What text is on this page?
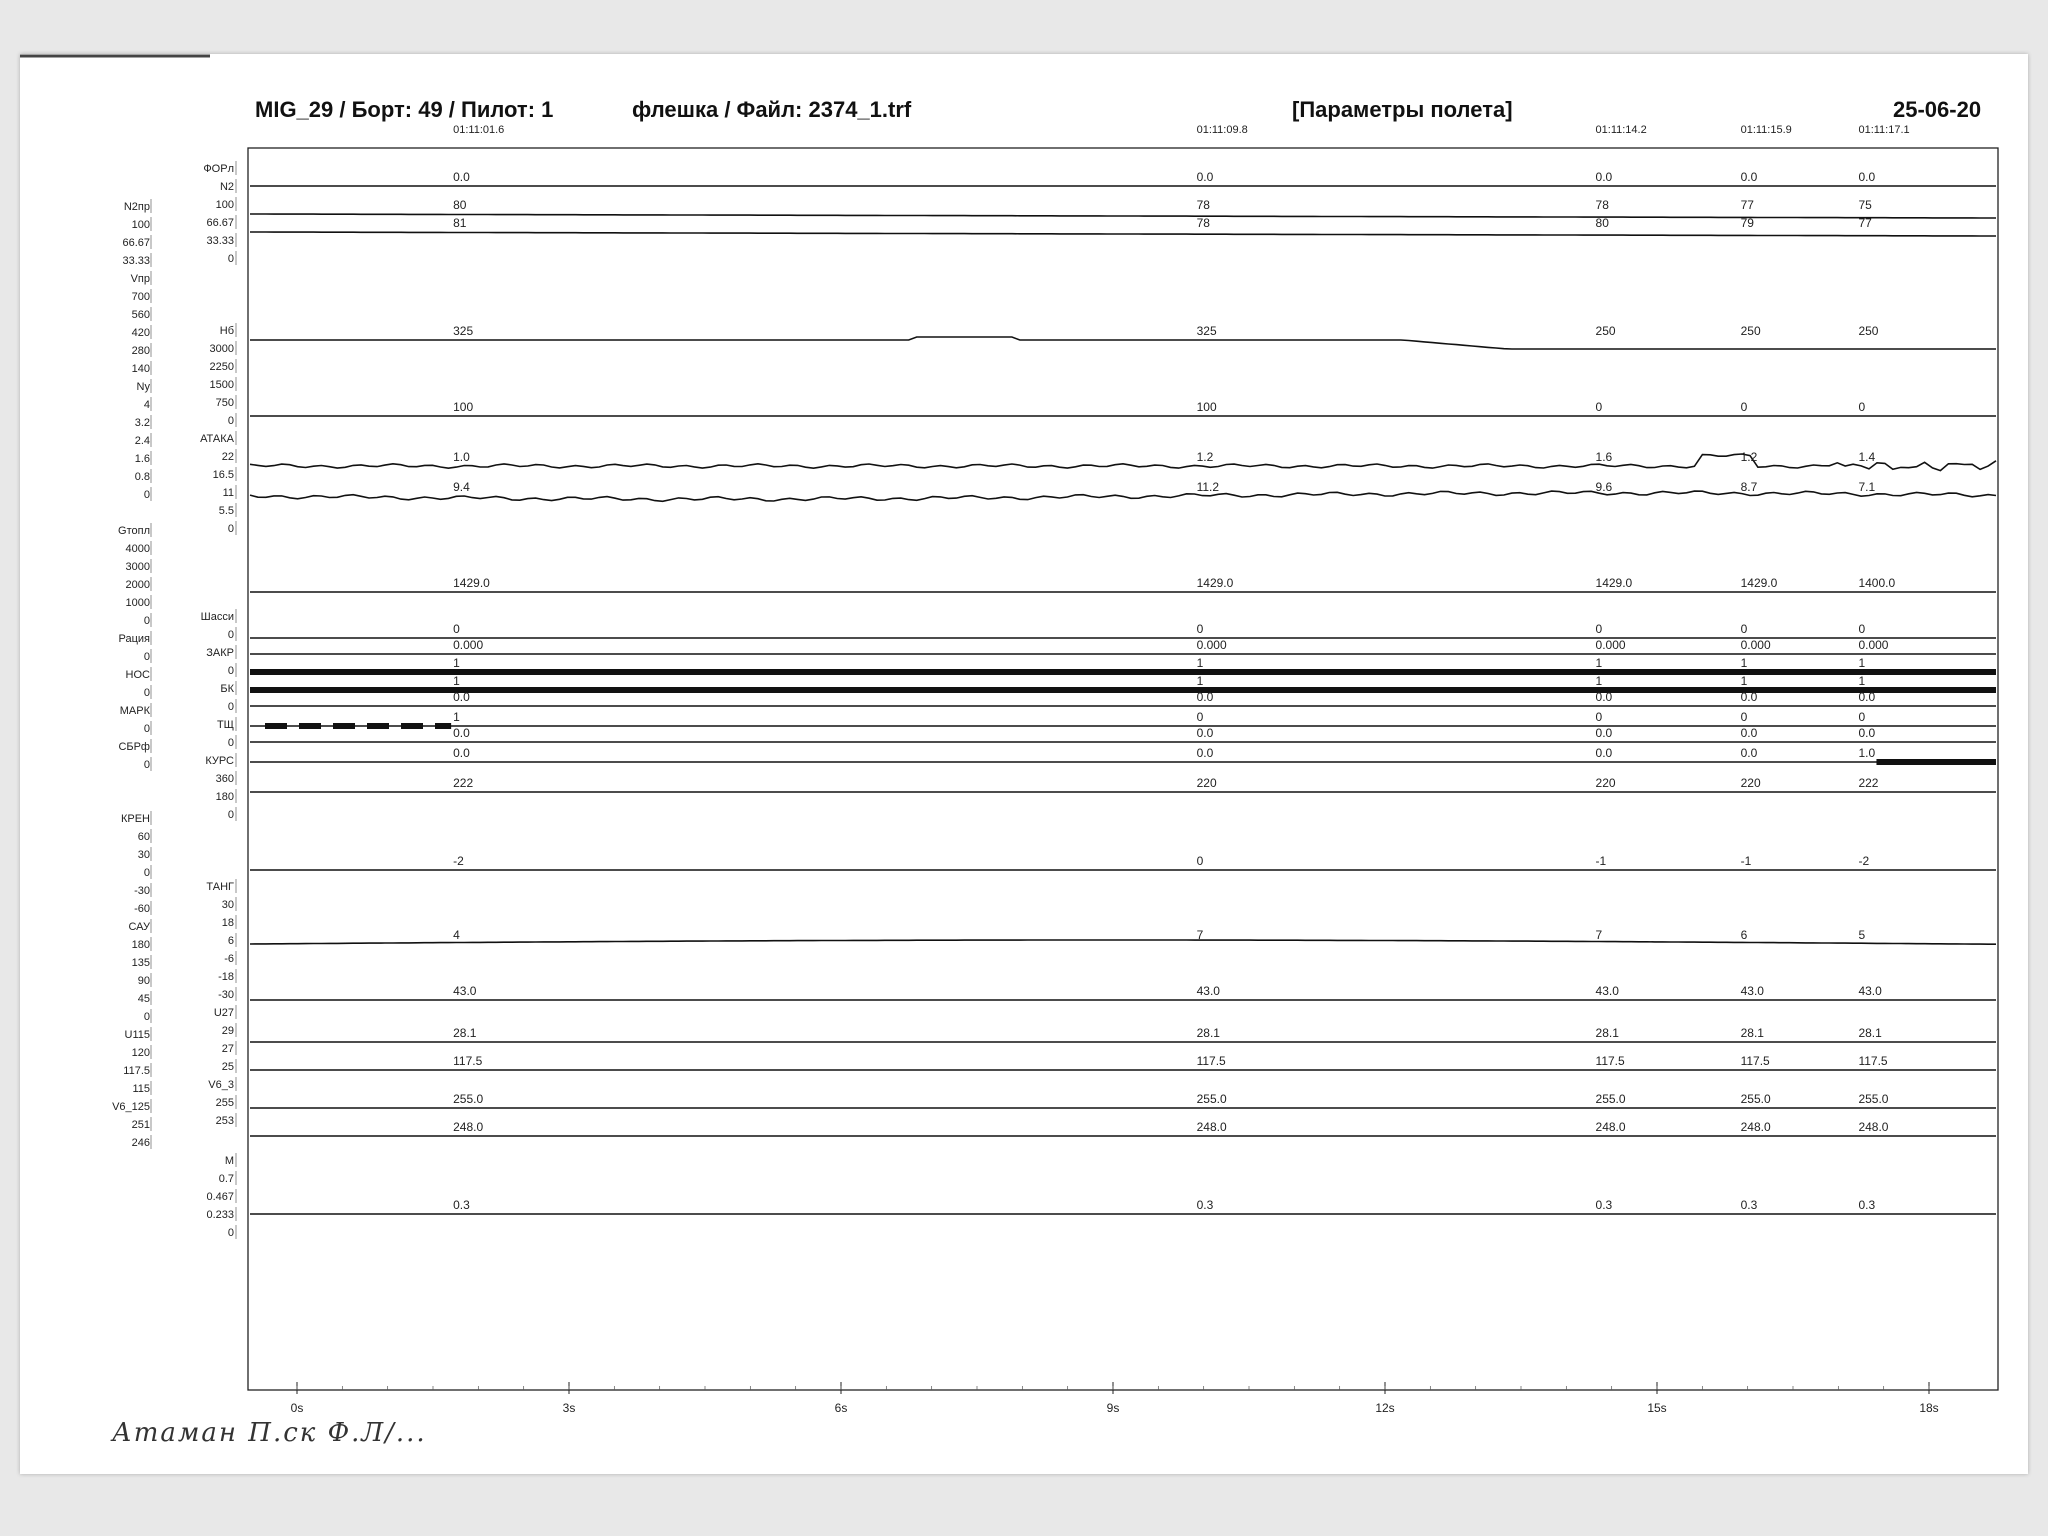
N2пр
100
66.67
33.33
Vпр
700
560
420
280
140
Ny
4
3.2
2.4
1.6
0.8
0
Gтопл
4000
3000
2000
1000
0
Рация
0
НОС
0
МАРК
0
СБРф
0
КРЕН
60
30
0
-30
-60
САУ
180
135
90
45
0
U115
120
117.5
115
V6_125
251
246
ФОРл
N2
100
66.67
33.33
0
Нб
3000
2250
1500
750
0
АТАКА
22
16.5
11
5.5
0
Шасси
0
ЗАКР
0
БК
0
ТЩ
0
КУРС
360
180
0
ТАНГ
30
18
6
-6
-18
-30
U27
29
27
25
V6_3
255
253
М
0.7
0.467
0.233
0
01:11:01.6	01:11:09.8	01:11:14.2	01:11:15.9	01:11:17.1
0.0	0.0	0.0	0.0	0.0
80	78	78	77	75
81	78	80	79	77
325	325	250	250	250
100	100	0	0	0
1.0	1.2	1.6	1.2	1.4
9.4	11.2	9.6	8.7	7.1
1429.0	1429.0	1429.0	1429.0	1400.0
0	0	0	0	0
0.000	0.000	0.000	0.000	0.000
1	1	1	1	1
1	1	1	1	1
0.0	0.0	0.0	0.0	0.0
1	0	0	0	0
0.0	0.0	0.0	0.0	0.0
0.0	0.0	0.0	0.0	1.0
222	220	220	220	222
-2	0	-1	-1	-2
4	7	7	6	5
43.0	43.0	43.0	43.0	43.0
28.1	28.1	28.1	28.1	28.1
117.5	117.5	117.5	117.5	117.5
255.0	255.0	255.0	255.0	255.0
248.0	248.0	248.0	248.0	248.0
0.3	0.3	0.3	0.3	0.3
0s	3s	6s	9s	12s	15s	18s
MIG_29 / Борт: 49 / Пилот: 1	флешка / Файл: 2374_1.trf	[Параметры полета]	25-06-20
Атаман П.ск Ф.Л/...
